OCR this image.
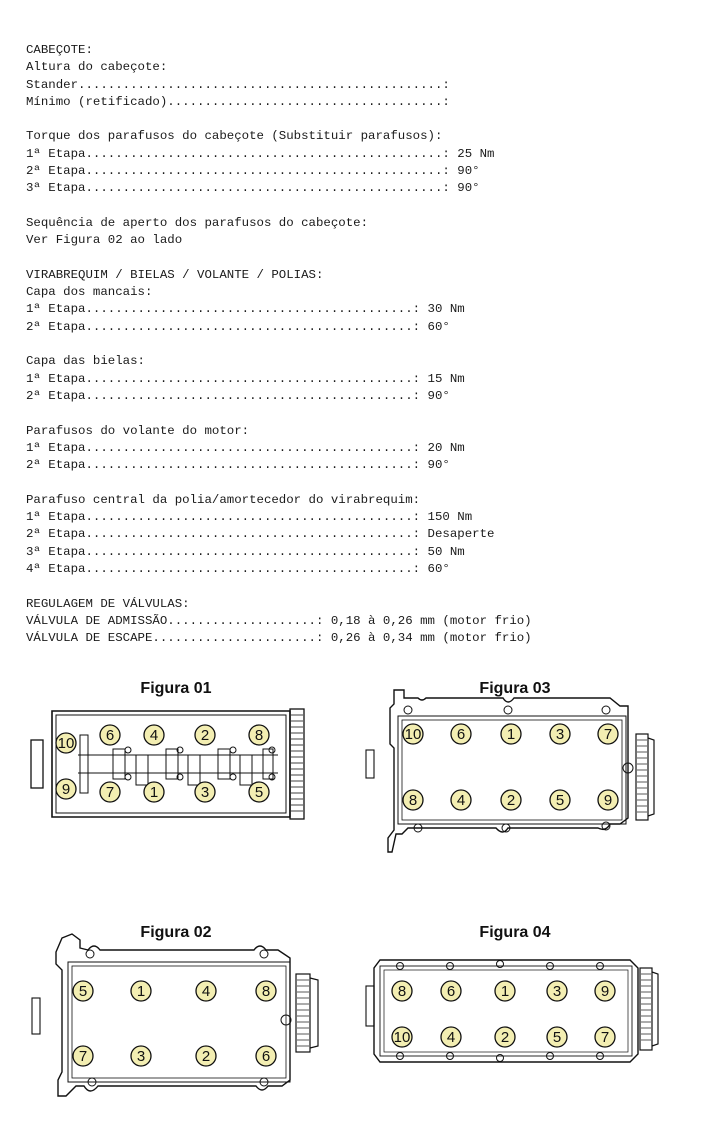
CABEÇOTE:
Altura do cabeçote:
Stander.................................................:
Mínimo (retificado).....................................:
Torque dos parafusos do cabeçote (Substituir parafusos):
1ª Etapa................................................: 25 Nm
2ª Etapa................................................: 90°
3ª Etapa................................................: 90°
Sequência de aperto dos parafusos do cabeçote:
Ver Figura 02 ao lado
VIRABREQUIM / BIELAS / VOLANTE / POLIAS:
Capa dos mancais:
1ª Etapa............................................: 30 Nm
2ª Etapa............................................: 60°
Capa das bielas:
1ª Etapa............................................: 15 Nm
2ª Etapa............................................: 90°
Parafusos do volante do motor:
1ª Etapa............................................: 20 Nm
2ª Etapa............................................: 90°
Parafuso central da polia/amortecedor do virabrequim:
1ª Etapa............................................: 150 Nm
2ª Etapa............................................: Desaperte
3ª Etapa............................................: 50 Nm
4ª Etapa............................................: 60°
REGULAGEM DE VÁLVULAS:
VÁLVULA DE ADMISSÃO....................: 0,18 à 0,26 mm (motor frio)
VÁLVULA DE ESCAPE......................: 0,26 à 0,34 mm (motor frio)
Figura 01
10 6 4	2	8
9 7 1	3	5
Figura 03
10 6	1	3	7
8	4	2	5	9
Figura 02
5	1	4	8
7	3	2	6
Figura 04
8	6	1	3	9
10 4	2	5	7
